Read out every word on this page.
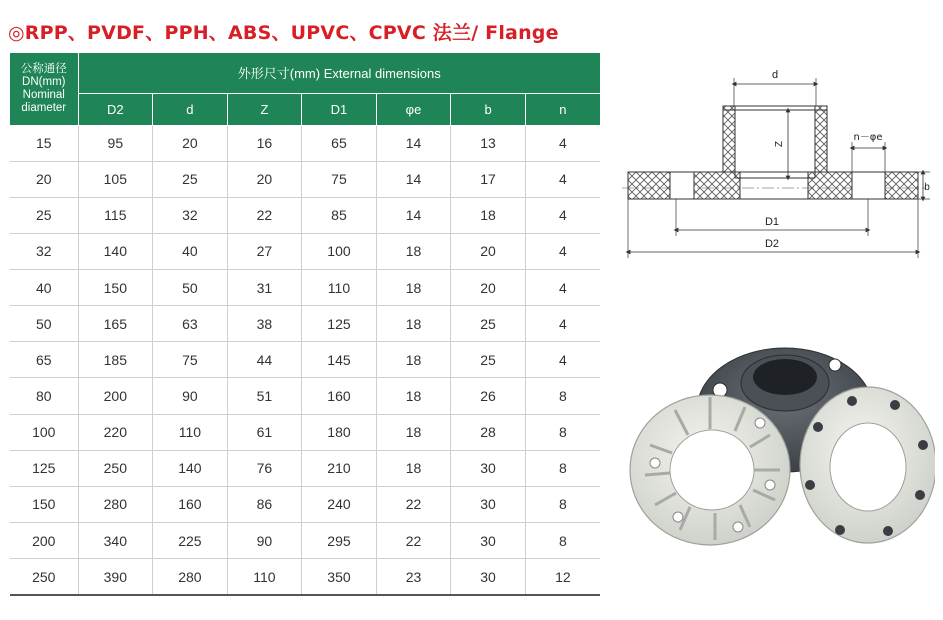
◎RPP、PVDF、PPH、ABS、UPVC、CPVC 法兰/ Flange
公称通径
DN(mm)
Nominal
diameter	外形尺寸(mm) External dimensions						
	D2	d	Z	D1	φe	b	n
15	95	20	16	65	14	13	4
20	105	25	20	75	14	17	4
25	115	32	22	85	14	18	4
32	140	40	27	100	18	20	4
40	150	50	31	110	18	20	4
50	165	63	38	125	18	25	4
65	185	75	44	145	18	25	4
80	200	90	51	160	18	26	8
100	220	110	61	180	18	28	8
125	250	140	76	210	18	30	8
150	280	160	86	240	22	30	8
200	340	225	90	295	22	30	8
250	390	280	110	350	23	30	12
d
Z
n－φe
b
D1
D2
